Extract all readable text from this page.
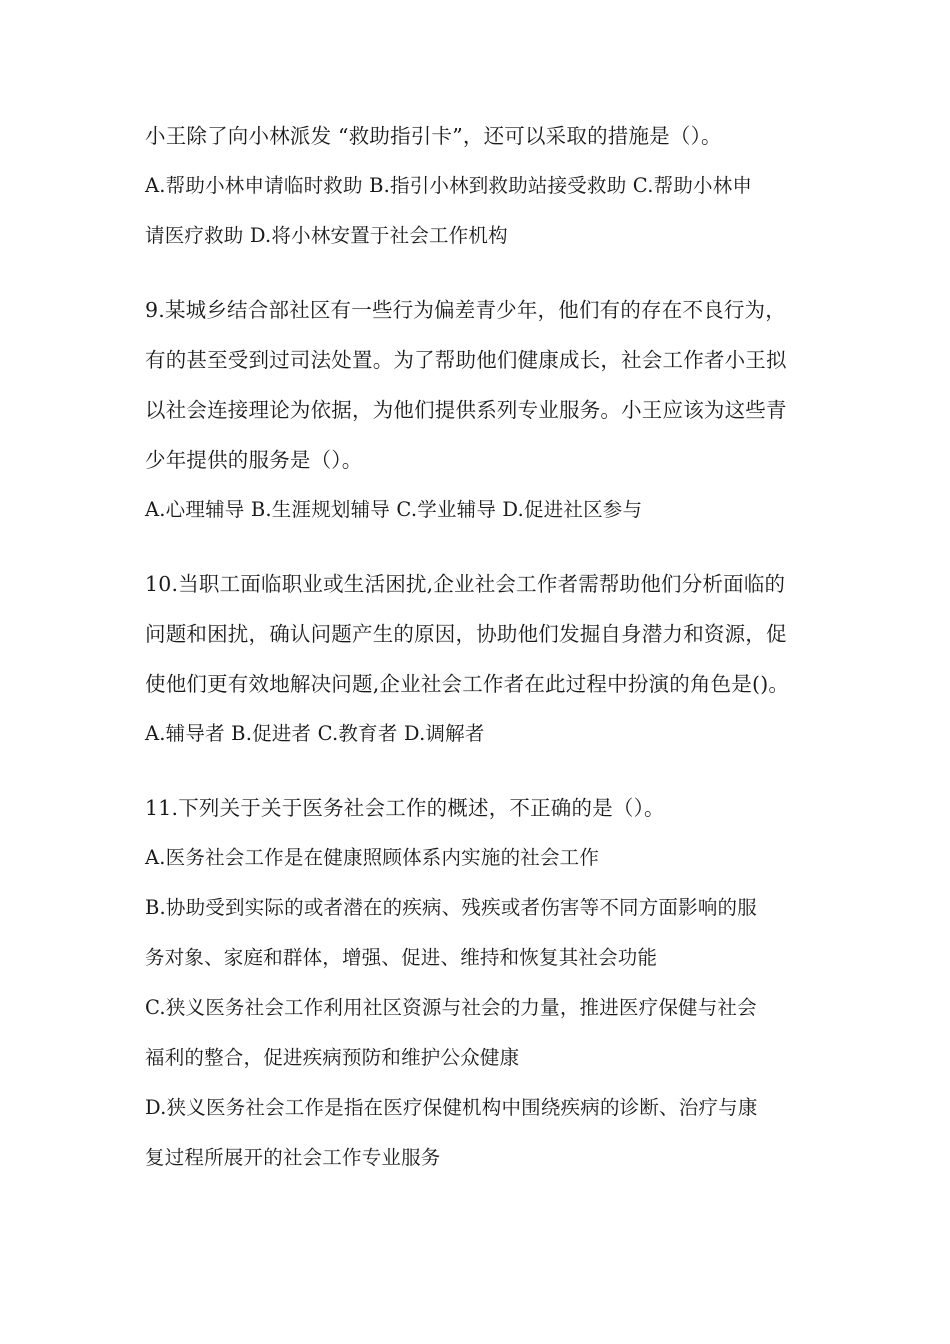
小王除了向小林派发 “救助指引卡”，还可以采取的措施是（）。
A.帮助小林申请临时救助 B.指引小林到救助站接受救助 C.帮助小林申
请医疗救助 D.将小林安置于社会工作机构
9.某城乡结合部社区有一些行为偏差青少年，他们有的存在不良行为，
有的甚至受到过司法处置。为了帮助他们健康成长，社会工作者小王拟
以社会连接理论为依据，为他们提供系列专业服务。小王应该为这些青
少年提供的服务是（）。
A.心理辅导 B.生涯规划辅导 C.学业辅导 D.促进社区参与
10.当职工面临职业或生活困扰,企业社会工作者需帮助他们分析面临的
问题和困扰，确认问题产生的原因，协助他们发掘自身潜力和资源，促
使他们更有效地解决问题,企业社会工作者在此过程中扮演的角色是()。
A.辅导者 B.促进者 C.教育者 D.调解者
11.下列关于关于医务社会工作的概述，不正确的是（）。
A.医务社会工作是在健康照顾体系内实施的社会工作
B.协助受到实际的或者潜在的疾病、残疾或者伤害等不同方面影响的服
务对象、家庭和群体，增强、促进、维持和恢复其社会功能
C.狭义医务社会工作利用社区资源与社会的力量，推进医疗保健与社会
福利的整合，促进疾病预防和维护公众健康
D.狭义医务社会工作是指在医疗保健机构中围绕疾病的诊断、治疗与康
复过程所展开的社会工作专业服务
